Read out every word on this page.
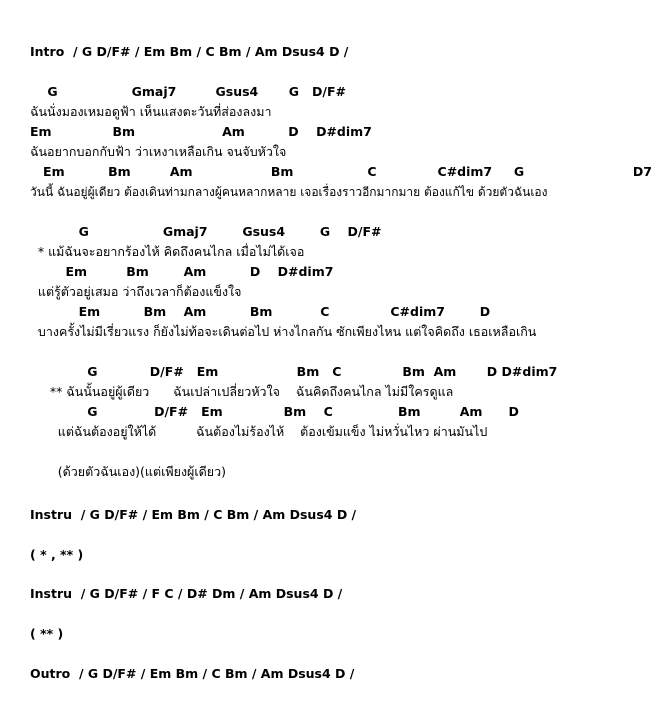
Intro  / G D/F# / Em Bm / C Bm / Am Dsus4 D /
G                 Gmaj7         Gsus4       G   D/F#
ฉันนั่งมองเหมอดูฟ้า เห็นแสงตะวันที่ส่องลงมา
Em              Bm                    Am          D    D#dim7
ฉันอยากบอกกับฟ้า ว่าเหงาเหลือเกิน จนจับหัวใจ
Em          Bm         Am                  Bm                 C              C#dim7     G                         D7
วันนี้ ฉันอยู่ผู้เดียว ต้องเดินท่ามกลางผู้คนหลากหลาย เจอเรื่องราวอีกมากมาย ต้องแก้ไข ด้วยตัวฉันเอง
G                 Gmaj7        Gsus4        G    D/F#
* แม้ฉันจะอยากร้องไห้ คิดถึงคนไกล เมื่อไม่ได้เจอ
Em         Bm        Am          D    D#dim7
แต่รู้ตัวอยู่เสมอ ว่าถึงเวลาก็ต้องแข็งใจ
Em          Bm    Am          Bm           C              C#dim7        D
บางครั้งไม่มีเรี่ยวแรง ก็ยังไม่ท้อจะเดินต่อไป ห่างไกลกัน ซักเพียงไหน แต่ใจคิดถึง เธอเหลือเกิน
G            D/F#   Em                  Bm   C              Bm  Am       D D#dim7
** ฉันนั้นอยู่ผู้เดียว      ฉันเปล่าเปลี่ยวหัวใจ    ฉันคิดถึงคนไกล ไม่มีใครดูแล
G             D/F#   Em              Bm    C               Bm         Am      D
แต่ฉันต้องอยู่ให้ได้          ฉันต้องไม่ร้องไห้    ต้องเข้มแข็ง ไม่หวั่นไหว ผ่านมันไป
(ด้วยตัวฉันเอง)(แต่เพียงผู้เดียว)
Instru  / G D/F# / Em Bm / C Bm / Am Dsus4 D /
( * , ** )
Instru  / G D/F# / F C / D# Dm / Am Dsus4 D /
( ** )
Outro  / G D/F# / Em Bm / C Bm / Am Dsus4 D /
